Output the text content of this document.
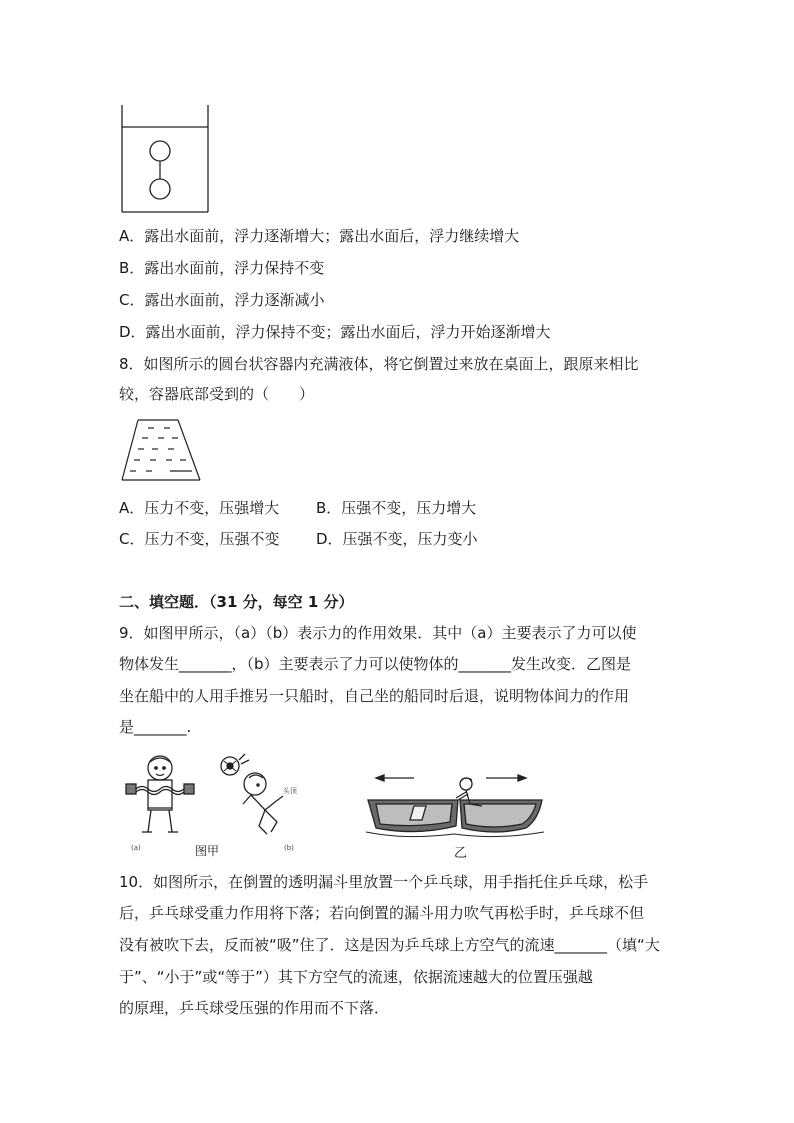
A．露出水面前，浮力逐渐增大；露出水面后，浮力继续增大
B．露出水面前，浮力保持不变
C．露出水面前，浮力逐渐减小
D．露出水面前，浮力保持不变；露出水面后，浮力开始逐渐增大
8．如图所示的圆台状容器内充满液体，将它倒置过来放在桌面上，跟原来相比
较，容器底部受到的（　　）
A．压力不变，压强增大 B．压强不变，压力增大
C．压力不变，压强不变 D．压强不变，压力变小
二、填空题．（31 分，每空 1 分）
9．如图甲所示，（a）（b）表示力的作用效果．其中（a）主要表示了力可以使
物体发生_______，（b）主要表示了力可以使物体的_______发生改变．乙图是
坐在船中的人用手推另一只船时，自己坐的船同时后退，说明物体间力的作用
是_______.
(a)
头顶
(b)
图甲	乙
10．如图所示，在倒置的透明漏斗里放置一个乒乓球，用手指托住乒乓球，松手
后，乒乓球受重力作用将下落；若向倒置的漏斗用力吹气再松手时，乒乓球不但
没有被吹下去，反而被“吸”住了．这是因为乒乓球上方空气的流速_______（填“大
于”、“小于”或“等于”）其下方空气的流速，依据流速越大的位置压强越
的原理，乒乓球受压强的作用而不下落．
